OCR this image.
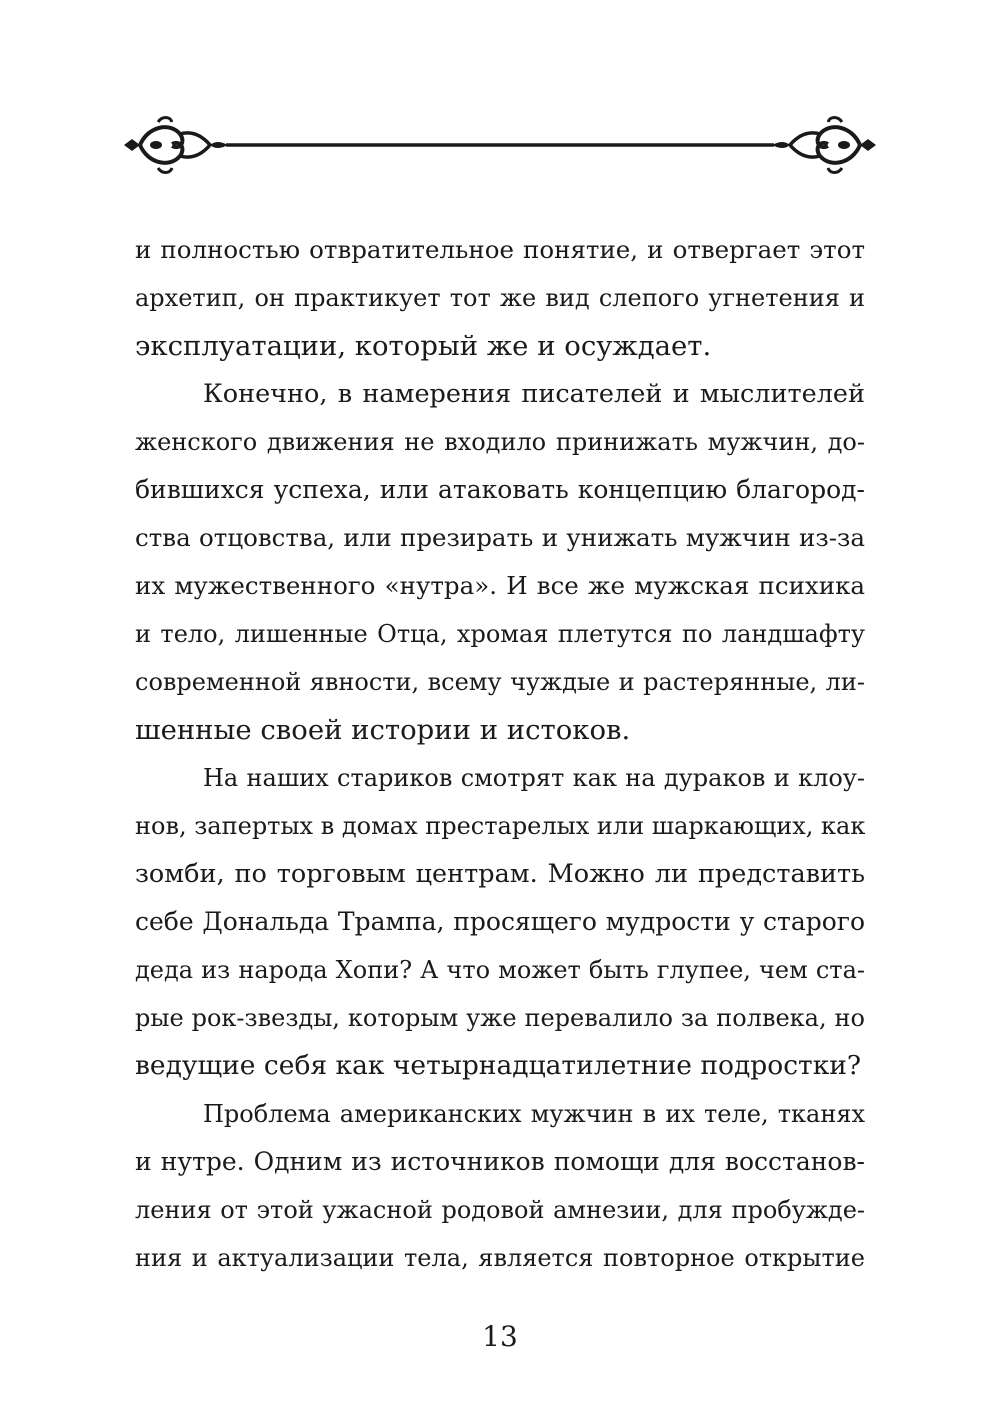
и полностью отвратительное понятие, и отвергает этот
архетип, он практикует тот же вид слепого угнетения и
эксплуатации, который же и осуждает.
Конечно, в намерения писателей и мыслителей
женского движения не входило принижать мужчин, до-
бившихся успеха, или атаковать концепцию благород-
ства отцовства, или презирать и унижать мужчин из-за
их мужественного «нутра». И все же мужская психика
и тело, лишенные Отца, хромая плетутся по ландшафту
современной явности, всему чуждые и растерянные, ли-
шенные своей истории и истоков.
На наших стариков смотрят как на дураков и клоу-
нов, запертых в домах престарелых или шаркающих, как
зомби, по торговым центрам. Можно ли представить
себе Дональда Трампа, просящего мудрости у старого
деда из народа Хопи? А что может быть глупее, чем ста-
рые рок-звезды, которым уже перевалило за полвека, но
ведущие себя как четырнадцатилетние подростки?
Проблема американских мужчин в их теле, тканях
и нутре. Одним из источников помощи для восстанов-
ления от этой ужасной родовой амнезии, для пробужде-
ния и актуализации тела, является повторное открытие
13
